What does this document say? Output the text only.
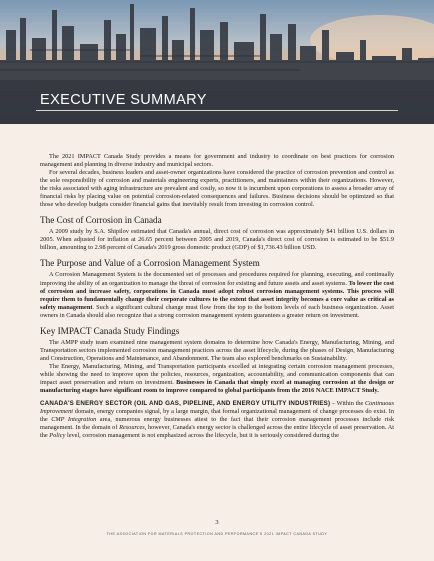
EXECUTIVE SUMMARY

The 2021 IMPACT Canada Study provides a means for government and industry to coordinate on best practices for corrosion management and planning in diverse industry and municipal sectors.

For several decades, business leaders and asset-owner organizations have considered the practice of corrosion prevention and control as the sole responsibility of corrosion and materials engineering experts, practitioners, and maintainers within their organizations. However, the risks associated with aging infrastructure are prevalent and costly, so now it is incumbent upon corporations to assess a broader array of financial risks by placing value on potential corrosion-related consequences and failures. Business decisions should be optimized so that those who develop budgets consider financial gains that inevitably result from investing in corrosion control.

The Cost of Corrosion in Canada

A 2009 study by S.A. Shipilov estimated that Canada's annual, direct cost of corrosion was approximately $41 billion U.S. dollars in 2005. When adjusted for inflation at 26.65 percent between 2005 and 2019, Canada's direct cost of corrosion is estimated to be $51.9 billion, amounting to 2.98 percent of Canada's 2019 gross domestic product (GDP) of $1,736.43 billion USD.

The Purpose and Value of a Corrosion Management System

A Corrosion Management System is the documented set of processes and procedures required for planning, executing, and continually improving the ability of an organization to manage the threat of corrosion for existing and future assets and asset systems. To lower the cost of corrosion and increase safety, corporations in Canada must adopt robust corrosion management systems. This process will require them to fundamentally change their corporate cultures to the extent that asset integrity becomes a core value as critical as safety management. Such a significant cultural change must flow from the top to the bottom levels of each business organization. Asset owners in Canada should also recognize that a strong corrosion management system guarantees a greater return on investment.

Key IMPACT Canada Study Findings

The AMPP study team examined nine management system domains to determine how Canada's Energy, Manufacturing, Mining, and Transportation sectors implemented corrosion management practices across the asset lifecycle, during the phases of Design, Manufacturing and Construction, Operations and Maintenance, and Abandonment. The team also explored benchmarks on Sustainability.

The Energy, Manufacturing, Mining, and Transportation participants excelled at integrating certain corrosion management processes, while showing the need to improve upon the policies, resources, organization, accountability, and communication components that can impact asset preservation and return on investment. Businesses in Canada that simply excel at managing corrosion at the design or manufacturing stages have significant room to improve compared to global participants from the 2016 NACE IMPACT Study.

CANADA'S ENERGY SECTOR (OIL AND GAS, PIPELINE, AND ENERGY UTILITY INDUSTRIES) – Within the Continuous Improvement domain, energy companies signal, by a large margin, that formal organizational management of change processes do exist. In the CMP Integration area, numerous energy businesses attest to the fact that their corrosion management processes include risk management. In the domain of Resources, however, Canada's energy sector is challenged across the entire lifecycle of asset preservation. At the Policy level, corrosion management is not emphasized across the lifecycle, but it is seriously considered during the

3
THE ASSOCIATION FOR MATERIALS PROTECTION AND PERFORMANCE'S 2021 IMPACT CANADA STUDY
